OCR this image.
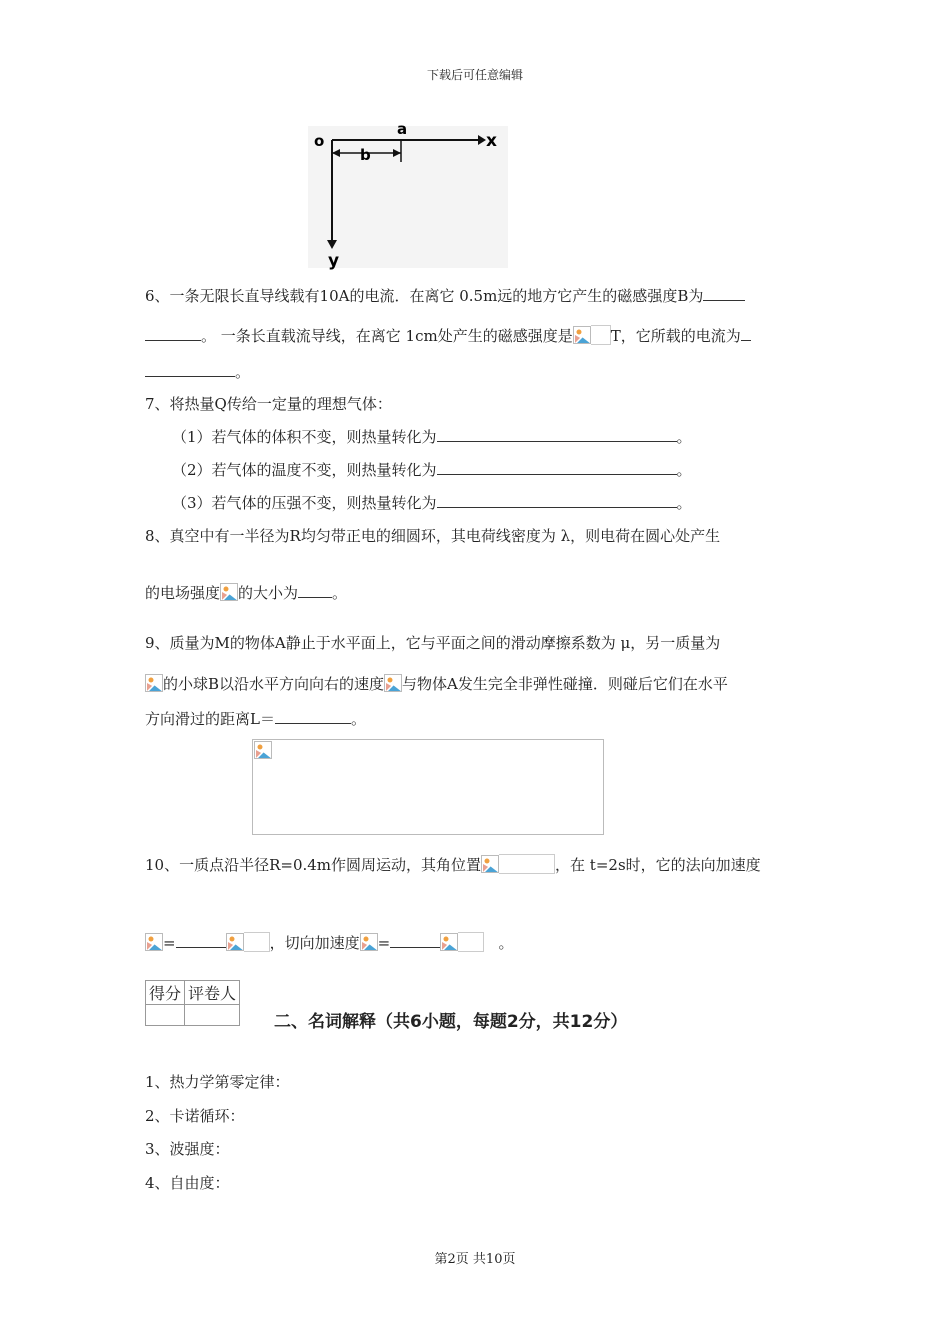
下载后可任意编辑
o
a
b
x
y
6、一条无限长直导线载有10A的电流．在离它 0.5m远的地方它产生的磁感强度B为
。 一条长直载流导线，在离它 1cm处产生的磁感强度是	T，它所载的电流为
。
7、将热量Q传给一定量的理想气体：
（1）若气体的体积不变，则热量转化为	。
（2）若气体的温度不变，则热量转化为	。
（3）若气体的压强不变，则热量转化为	。
8、真空中有一半径为R均匀带正电的细圆环，其电荷线密度为 λ，则电荷在圆心处产生
的电场强度 的大小为 。
9、质量为M的物体A静止于水平面上，它与平面之间的滑动摩擦系数为 μ，另一质量为
的小球B以沿水平方向向右的速度 与物体A发生完全非弹性碰撞．则碰后它们在水平
方向滑过的距离L＝	。
10、一质点沿半径R=0.4m作圆周运动，其角位置	，在 t=2s时，它的法向加速度
=	，切向加速度 =	。
得分	评卷人

二、名词解释（共6小题，每题2分，共12分）
1、热力学第零定律：
2、卡诺循环：
3、波强度：
4、自由度：
第2页 共10页
